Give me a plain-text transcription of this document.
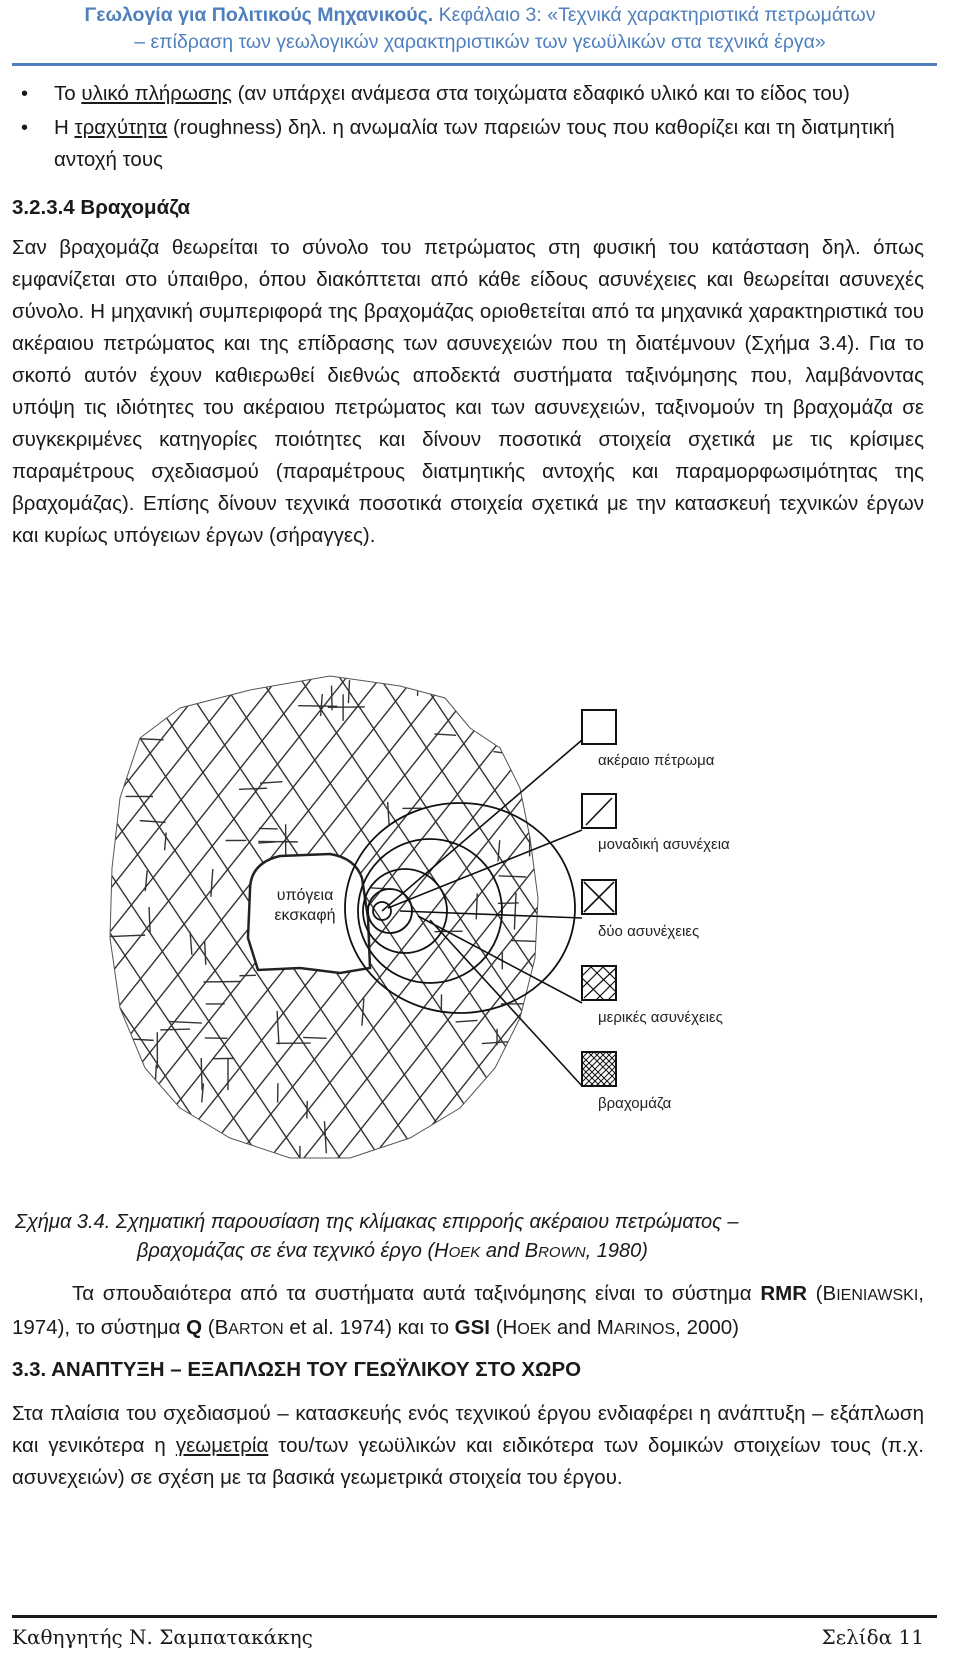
Γεωλογία για Πολιτικούς Μηχανικούς. Κεφάλαιο 3: «Τεχνικά χαρακτηριστικά πετρωμάτων
– επίδραση των γεωλογικών χαρακτηριστικών των γεωϋλικών στα τεχνικά έργα»
• Το υλικό πλήρωσης (αν υπάρχει ανάμεσα στα τοιχώματα εδαφικό υλικό και το είδος του)
• Η τραχύτητα (roughness) δηλ. η ανωμαλία των παρειών τους που καθορίζει και τη διατμητική αντοχή τους
3.2.3.4 Βραχομάζα

Σαν βραχομάζα θεωρείται το σύνολο του πετρώματος στη φυσική του κατάσταση δηλ. όπως εμφανίζεται στο ύπαιθρο, όπου διακόπτεται από κάθε είδους ασυνέχειες και θεωρείται ασυνεχές σύνολο. Η μηχανική συμπεριφορά της βραχομάζας οριοθετείται από τα μηχανικά χαρακτηριστικά του ακέραιου πετρώματος και της επίδρασης των ασυνεχειών που τη διατέμνουν (Σχήμα 3.4). Για το σκοπό αυτόν έχουν καθιερωθεί διεθνώς αποδεκτά συστήματα ταξινόμησης που, λαμβάνοντας υπόψη τις ιδιότητες του ακέραιου πετρώματος και των ασυνεχειών, ταξινομούν τη βραχομάζα σε συγκεκριμένες κατηγορίες ποιότητες και δίνουν ποσοτικά στοιχεία σχετικά με τις κρίσιμες παραμέτρους σχεδιασμού (παραμέτρους διατμητικής αντοχής και παραμορφωσιμότητας της βραχομάζας). Επίσης δίνουν τεχνικά ποσοτικά στοιχεία σχετικά με την κατασκευή τεχνικών έργων και κυρίως υπόγειων έργων (σήραγγες).

υπόγεια
εκσκαφή
ακέραιο πέτρωμα
μοναδική ασυνέχεια
δύο ασυνέχειες
μερικές ασυνέχειες
βραχομάζα
Σχήμα 3.4. Σχηματική παρουσίαση της κλίμακας επιρροής ακέραιου πετρώματος –
βραχομάζας σε ένα τεχνικό έργο (HOEK and BROWN, 1980)
Τα σπουδαιότερα από τα συστήματα αυτά ταξινόμησης είναι το σύστημα RMR (BIENIAWSKI, 1974), το σύστημα Q (BARTON et al. 1974) και το GSI (HOEK and MARINOS, 2000)
3.3. ΑΝΑΠΤΥΞΗ – ΕΞΑΠΛΩΣΗ ΤΟΥ ΓΕΩΫΛΙΚΟΥ ΣΤΟ ΧΩΡΟ
Στα πλαίσια του σχεδιασμού – κατασκευής ενός τεχνικού έργου ενδιαφέρει η ανάπτυξη – εξάπλωση και γενικότερα η γεωμετρία του/των γεωϋλικών και ειδικότερα των δομικών στοιχείων τους (π.χ. ασυνεχειών) σε σχέση με τα βασικά γεωμετρικά στοιχεία του έργου.
Καθηγητής Ν. Σαμπατακάκης	Σελίδα 11
